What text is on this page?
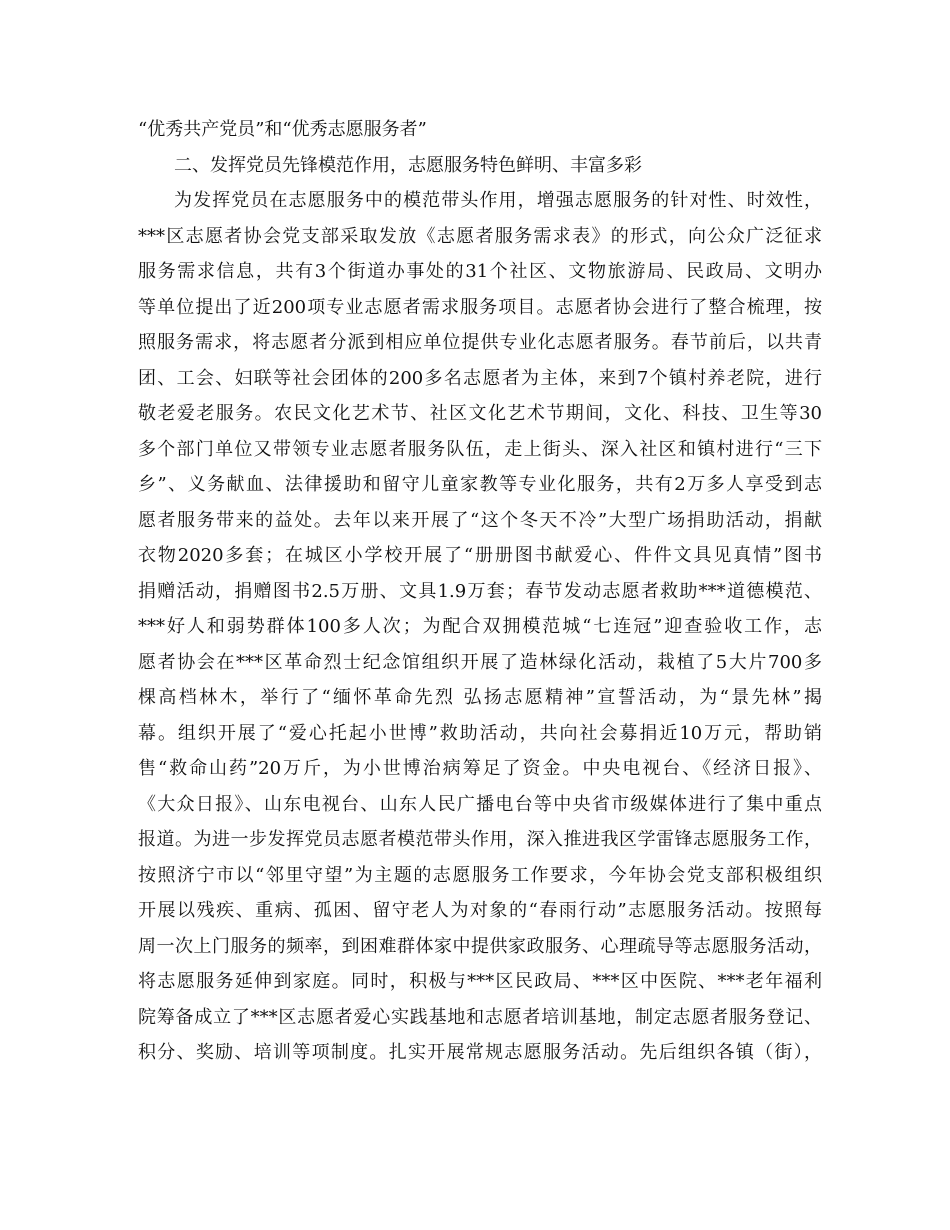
“优秀共产党员”和“优秀志愿服务者”
二、发挥党员先锋模范作用，志愿服务特色鲜明、丰富多彩
为发挥党员在志愿服务中的模范带头作用，增强志愿服务的针对性、时效性，
***区志愿者协会党支部采取发放《志愿者服务需求表》的形式，向公众广泛征求
服务需求信息，共有3个街道办事处的31个社区、文物旅游局、民政局、文明办
等单位提出了近200项专业志愿者需求服务项目。志愿者协会进行了整合梳理，按
照服务需求，将志愿者分派到相应单位提供专业化志愿者服务。春节前后，以共青
团、工会、妇联等社会团体的200多名志愿者为主体，来到7个镇村养老院，进行
敬老爱老服务。农民文化艺术节、社区文化艺术节期间，文化、科技、卫生等30
多个部门单位又带领专业志愿者服务队伍，走上街头、深入社区和镇村进行“三下
乡”、义务献血、法律援助和留守儿童家教等专业化服务，共有2万多人享受到志
愿者服务带来的益处。去年以来开展了“这个冬天不冷”大型广场捐助活动，捐献
衣物2020多套；在城区小学校开展了“册册图书献爱心、件件文具见真情”图书
捐赠活动，捐赠图书2.5万册、文具1.9万套；春节发动志愿者救助***道德模范、
***好人和弱势群体100多人次；为配合双拥模范城“七连冠”迎查验收工作，志
愿者协会在***区革命烈士纪念馆组织开展了造林绿化活动，栽植了5大片700多
棵高档林木，举行了“缅怀革命先烈 弘扬志愿精神”宣誓活动，为“景先林”揭
幕。组织开展了“爱心托起小世博”救助活动，共向社会募捐近10万元，帮助销
售“救命山药”20万斤，为小世博治病筹足了资金。中央电视台、《经济日报》、
《大众日报》、山东电视台、山东人民广播电台等中央省市级媒体进行了集中重点
报道。为进一步发挥党员志愿者模范带头作用，深入推进我区学雷锋志愿服务工作，
按照济宁市以“邻里守望”为主题的志愿服务工作要求，今年协会党支部积极组织
开展以残疾、重病、孤困、留守老人为对象的“春雨行动”志愿服务活动。按照每
周一次上门服务的频率，到困难群体家中提供家政服务、心理疏导等志愿服务活动，
将志愿服务延伸到家庭。同时，积极与***区民政局、***区中医院、***老年福利
院筹备成立了***区志愿者爱心实践基地和志愿者培训基地，制定志愿者服务登记、
积分、奖励、培训等项制度。扎实开展常规志愿服务活动。先后组织各镇（街），
